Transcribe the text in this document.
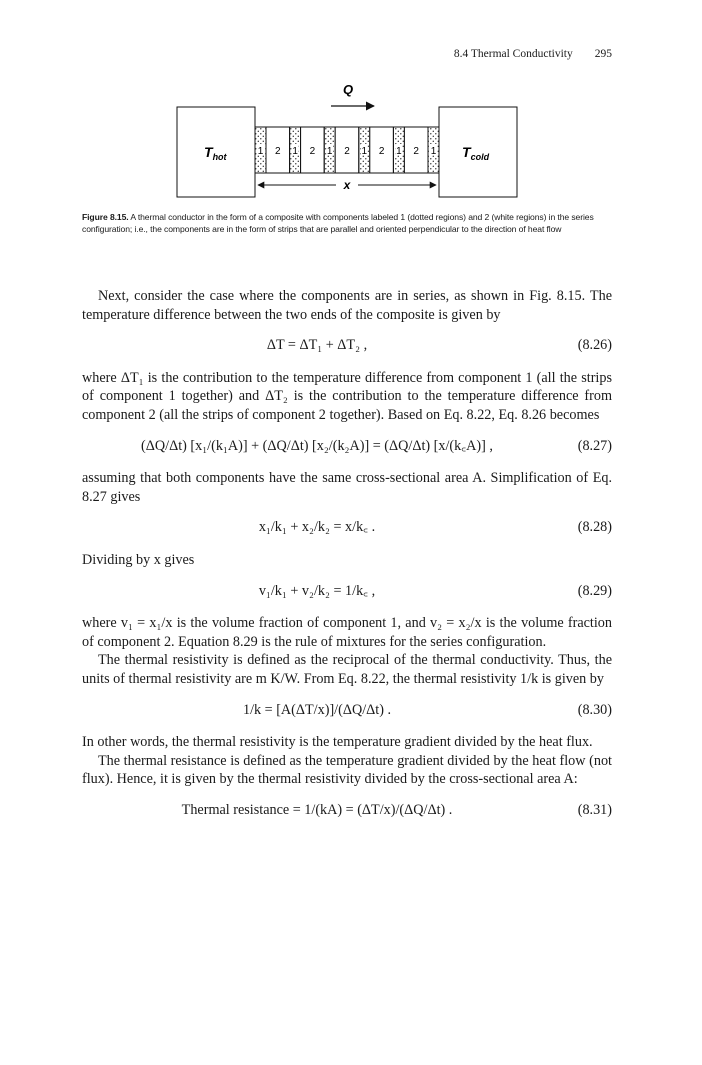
8.4 Thermal Conductivity 295
Q
$T_{hot}$	$T_{cold}$
1 2 1 2 1 2 1 2 1 2 1
x
Figure 8.15. A thermal conductor in the form of a composite with components labeled 1 (dotted regions) and 2 (white regions) in the series configuration; i.e., the components are in the form of strips that are parallel and oriented perpendicular to the direction of heat flow

Next, consider the case where the components are in series, as shown in Fig. 8.15. The temperature difference between the two ends of the composite is given by

ΔT = ΔT₁ + ΔT₂ ,	(8.26)

where ΔT₁ is the contribution to the temperature difference from component 1 (all the strips of component 1 together) and ΔT₂ is the contribution to the temperature difference from component 2 (all the strips of component 2 together). Based on Eq. 8.22, Eq. 8.26 becomes

(ΔQ/Δt) [x₁/(k₁A)] + (ΔQ/Δt) [x₂/(k₂A)] = (ΔQ/Δt) [x/(k꜀A)] ,	(8.27)

assuming that both components have the same cross-sectional area A. Simplification of Eq. 8.27 gives

x₁/k₁ + x₂/k₂ = x/k꜀ .	(8.28)

Dividing by x gives

v₁/k₁ + v₂/k₂ = 1/k꜀ ,	(8.29)

where v₁ = x₁/x is the volume fraction of component 1, and v₂ = x₂/x is the volume fraction of component 2. Equation 8.29 is the rule of mixtures for the series configuration.

The thermal resistivity is defined as the reciprocal of the thermal conductivity. Thus, the units of thermal resistivity are m K/W. From Eq. 8.22, the thermal resistivity 1/k is given by

1/k = [A(ΔT/x)]/(ΔQ/Δt) .	(8.30)

In other words, the thermal resistivity is the temperature gradient divided by the heat flux.

The thermal resistance is defined as the temperature gradient divided by the heat flow (not flux). Hence, it is given by the thermal resistivity divided by the cross-sectional area A:

Thermal resistance = 1/(kA) = (ΔT/x)/(ΔQ/Δt) .	(8.31)
